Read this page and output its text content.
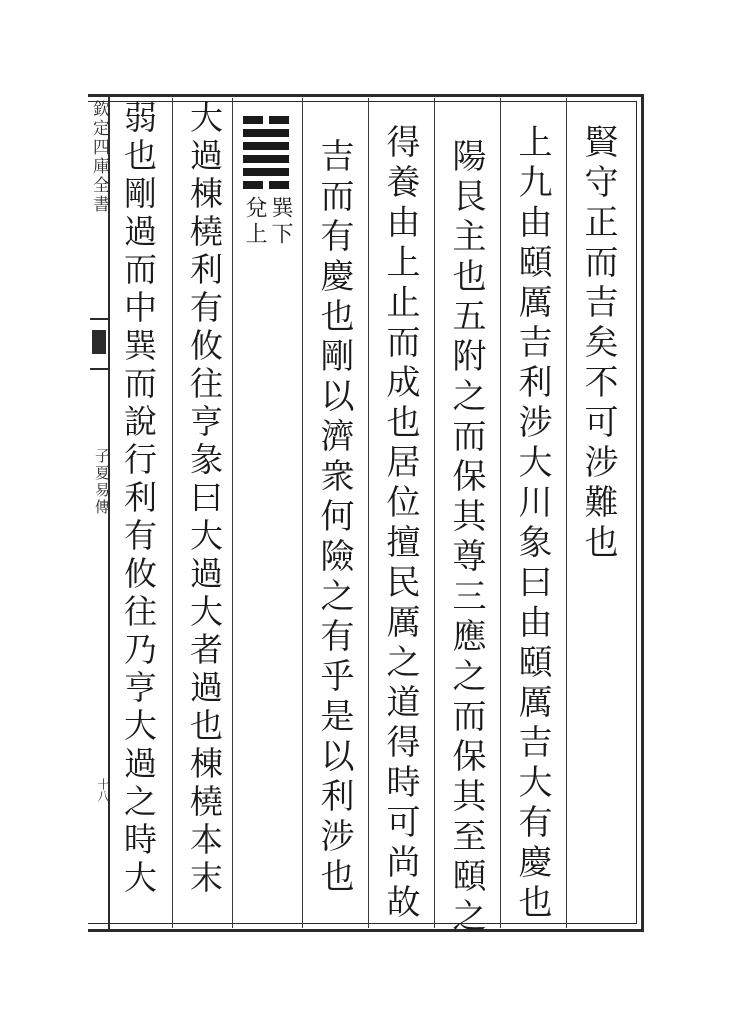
欽定四庫全書
子夏易傳
十八
賢守正而吉矣不可涉難也
上九由頤厲吉利涉大川象曰由頤厲吉大有慶也
陽艮主也五附之而保其尊三應之而保其至頤之
得養由上止而成也居位擅民厲之道得時可尚故
吉而有慶也剛以濟衆何險之有乎是以利涉也
大過棟橈利有攸往亨彖曰大過大者過也棟橈本末
弱也剛過而中巽而說行利有攸往乃亨大過之時大	巽下
兌上
